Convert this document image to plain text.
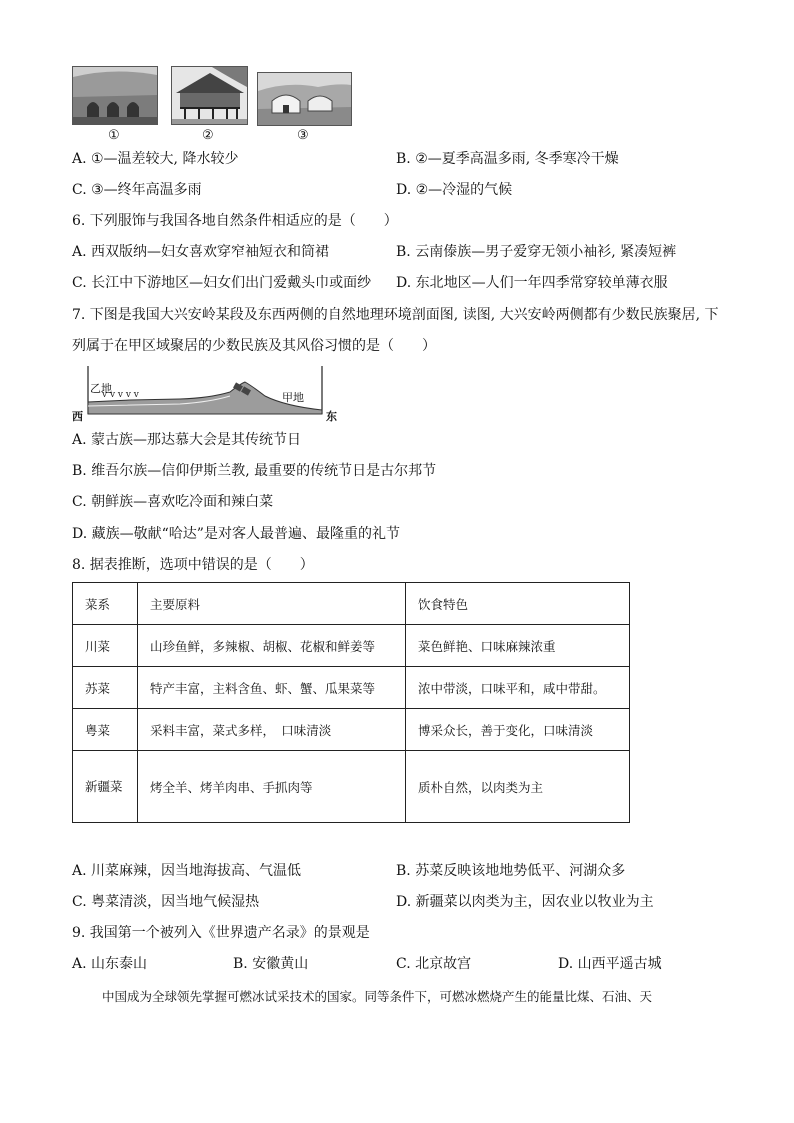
①	②	③
A. ①—温差较大, 降水较少	B. ②—夏季高温多雨, 冬季寒冷干燥
C. ③—终年高温多雨	D. ②—冷湿的气候
6. 下列服饰与我国各地自然条件相适应的是（　　）
A. 西双版纳—妇女喜欢穿窄袖短衣和筒裙	B. 云南傣族—男子爱穿无领小袖衫, 紧凑短裤
C. 长江中下游地区—妇女们出门爱戴头巾或面纱 D. 东北地区—人们一年四季常穿较单薄衣服
7. 下图是我国大兴安岭某段及东西两侧的自然地理环境剖面图, 读图, 大兴安岭两侧都有少数民族聚居, 下
列属于在甲区域聚居的少数民族及其风俗习惯的是（　　）
v v v v v
乙地
甲地
西	东
A. 蒙古族—那达慕大会是其传统节日
B. 维吾尔族—信仰伊斯兰教, 最重要的传统节日是古尔邦节
C. 朝鲜族—喜欢吃冷面和辣白菜
D. 藏族—敬献“哈达”是对客人最普遍、最隆重的礼节
8. 据表推断，选项中错误的是（　　）
菜系	主要原料	饮食特色
川菜	山珍鱼鲜，多辣椒、胡椒、花椒和鲜姜等	菜色鲜艳、口味麻辣浓重
苏菜	特产丰富，主料含鱼、虾、蟹、瓜果菜等	浓中带淡，口味平和，咸中带甜。
粤菜	采料丰富，菜式多样，　口味清淡	博采众长，善于变化，口味清淡
新疆菜	烤全羊、烤羊肉串、手抓肉等	质朴自然，以肉类为主
A. 川菜麻辣，因当地海拔高、气温低	B. 苏菜反映该地地势低平、河湖众多
C. 粤菜清淡，因当地气候湿热	D. 新疆菜以肉类为主，因农业以牧业为主
9. 我国第一个被列入《世界遗产名录》的景观是
A. 山东泰山	B. 安徽黄山	C. 北京故宫	D. 山西平遥古城
中国成为全球领先掌握可燃冰试采技术的国家。同等条件下，可燃冰燃烧产生的能量比煤、石油、天
